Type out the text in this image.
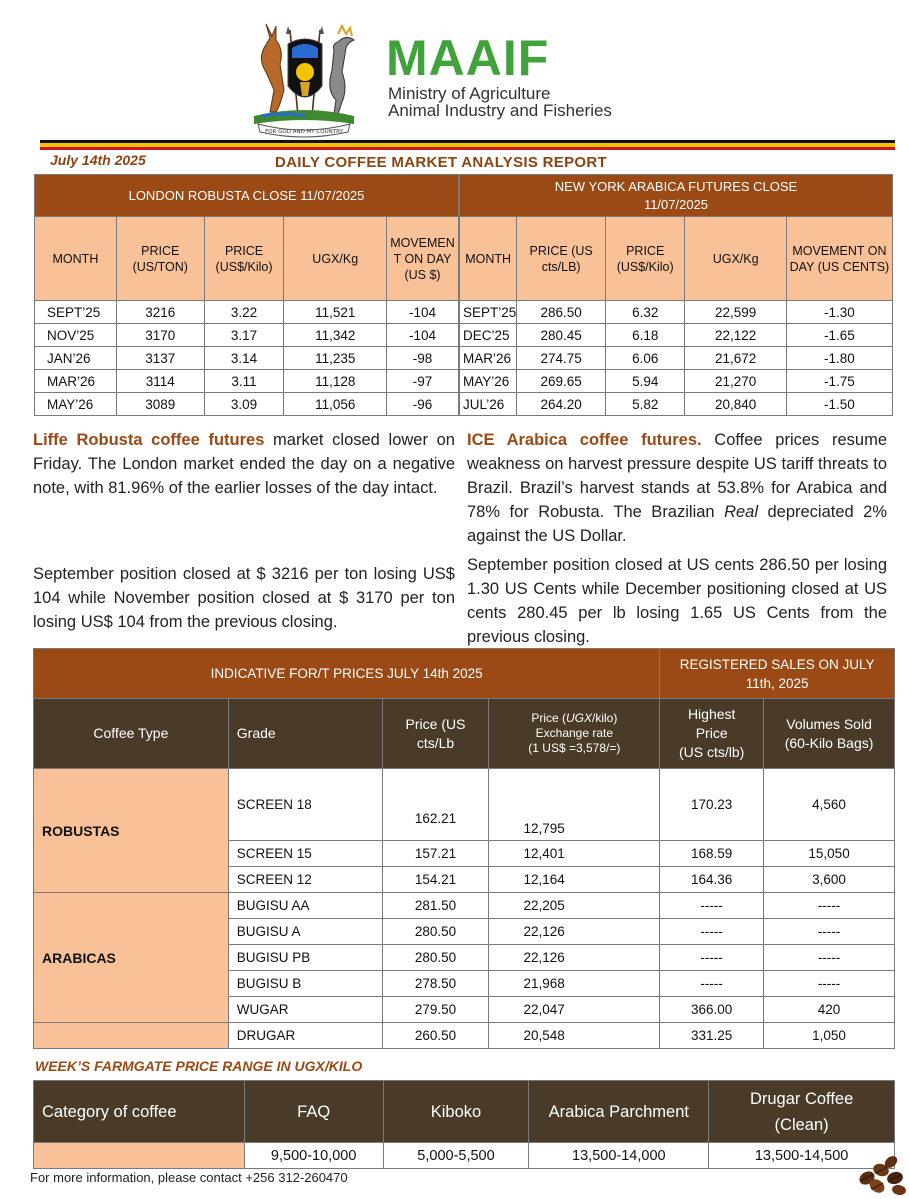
FOR GOD AND MY COUNTRY
MAAIF
Ministry of Agriculture
Animal Industry and Fisheries
July 14th 2025	DAILY COFFEE MARKET ANALYSIS REPORT
LONDON ROBUSTA CLOSE 11/07/2025				
MONTH	PRICE (US/TON)	PRICE (US$/Kilo)	UGX/Kg	MOVEMEN T ON DAY (US $)
SEPT’25	3216	3.22	11,521	-104
NOV’25	3170	3.17	11,342	-104
JAN’26	3137	3.14	11,235	-98
MAR’26	3114	3.11	11,128	-97
MAY’26	3089	3.09	11,056	-96
NEW YORK ARABICA FUTURES CLOSE
11/07/2025				
MONTH	PRICE (US cts/LB)	PRICE (US$/Kilo)	UGX/Kg	MOVEMENT ON DAY (US CENTS)
SEPT’25	286.50	6.32	22,599	-1.30
DEC’25	280.45	6.18	22,122	-1.65
MAR’26	274.75	6.06	21,672	-1.80
MAY’26	269.65	5.94	21,270	-1.75
JUL’26	264.20	5.82	20,840	-1.50

Liffe Robusta coffee futures market closed lower on Friday. The London market ended the day on a negative note, with 81.96% of the earlier losses of the day intact.

September position closed at $ 3216 per ton losing US$ 104 while November position closed at $ 3170 per ton losing US$ 104 from the previous closing.

ICE Arabica coffee futures. Coffee prices resume weakness on harvest pressure despite US tariff threats to Brazil. Brazil’s harvest stands at 53.8% for Arabica and 78% for Robusta. The Brazilian Real depreciated 2% against the US Dollar.

September position closed at US cents 286.50 per losing 1.30 US Cents while December positioning closed at US cents 280.45 per lb losing 1.65 US Cents from the previous closing.

INDICATIVE FOR/T PRICES JULY 14th 2025				REGISTERED SALES ON JULY
11th, 2025	
Coffee Type	Grade	Price (US
cts/Lb	Price (UGX/kilo)
Exchange rate
(1 US$ =3,578/=)	Highest
Price
(US cts/lb)	Volumes Sold
(60-Kilo Bags)
ROBUSTAS	SCREEN 18	162.21	12,795	170.23	4,560
	SCREEN 15	157.21	12,401	168.59	15,050
	SCREEN 12	154.21	12,164	164.36	3,600
ARABICAS	BUGISU AA	281.50	22,205	-----	-----
	BUGISU A	280.50	22,126	-----	-----
	BUGISU PB	280.50	22,126	-----	-----
	BUGISU B	278.50	21,968	-----	-----
	WUGAR	279.50	22,047	366.00	420
	DRUGAR	260.50	20,548	331.25	1,050
WEEK’S FARMGATE PRICE RANGE IN UGX/KILO
Category of coffee	FAQ	Kiboko	Arabica Parchment	Drugar Coffee
(Clean)
	9,500-10,000	5,000-5,500	13,500-14,000	13,500-14,500
For more information, please contact +256 312-260470
